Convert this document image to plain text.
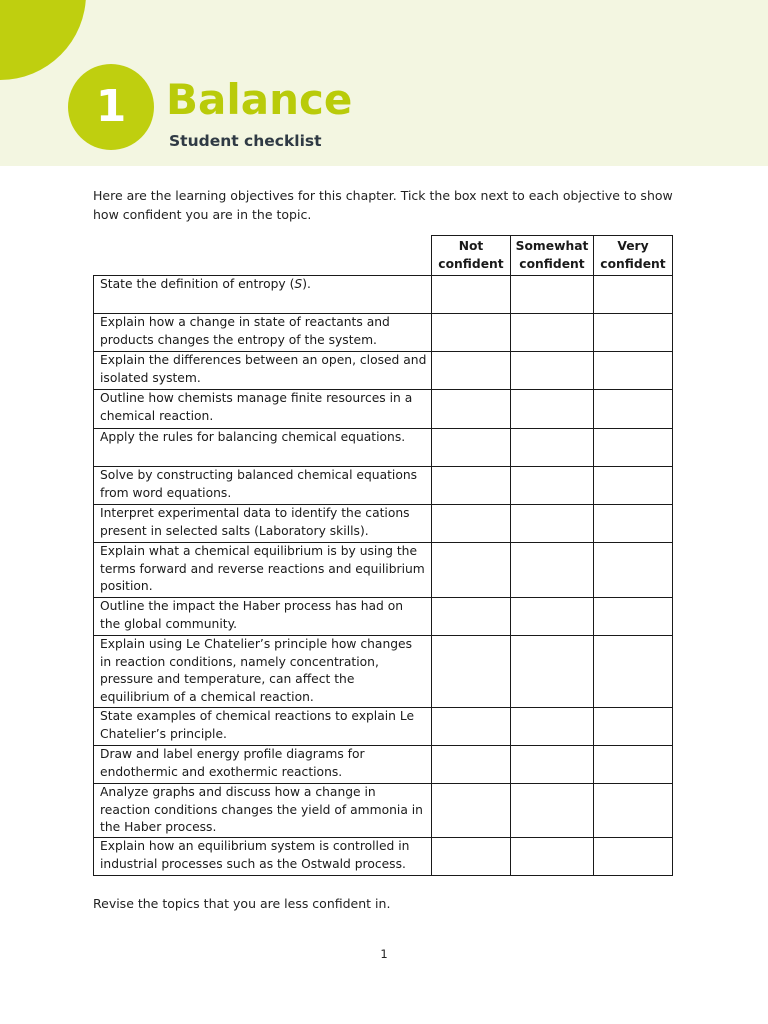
1 Balance
Student checklist

Here are the learning objectives for this chapter. Tick the box next to each objective to show how confident you are in the topic.

	Not confident	Somewhat confident	Very confident
State the definition of entropy (S).			
Explain how a change in state of reactants and products changes the entropy of the system.			
Explain the differences between an open, closed and isolated system.			
Outline how chemists manage finite resources in a chemical reaction.			
Apply the rules for balancing chemical equations.			
Solve by constructing balanced chemical equations from word equations.			
Interpret experimental data to identify the cations present in selected salts (Laboratory skills).			
Explain what a chemical equilibrium is by using the terms forward and reverse reactions and equilibrium position.			
Outline the impact the Haber process has had on the global community.			
Explain using Le Chatelier’s principle how changes in reaction conditions, namely concentration, pressure and temperature, can affect the equilibrium of a chemical reaction.			
State examples of chemical reactions to explain Le Chatelier’s principle.			
Draw and label energy profile diagrams for endothermic and exothermic reactions.			
Analyze graphs and discuss how a change in reaction conditions changes the yield of ammonia in the Haber process.			
Explain how an equilibrium system is controlled in industrial processes such as the Ostwald process.			

Revise the topics that you are less confident in.

1
